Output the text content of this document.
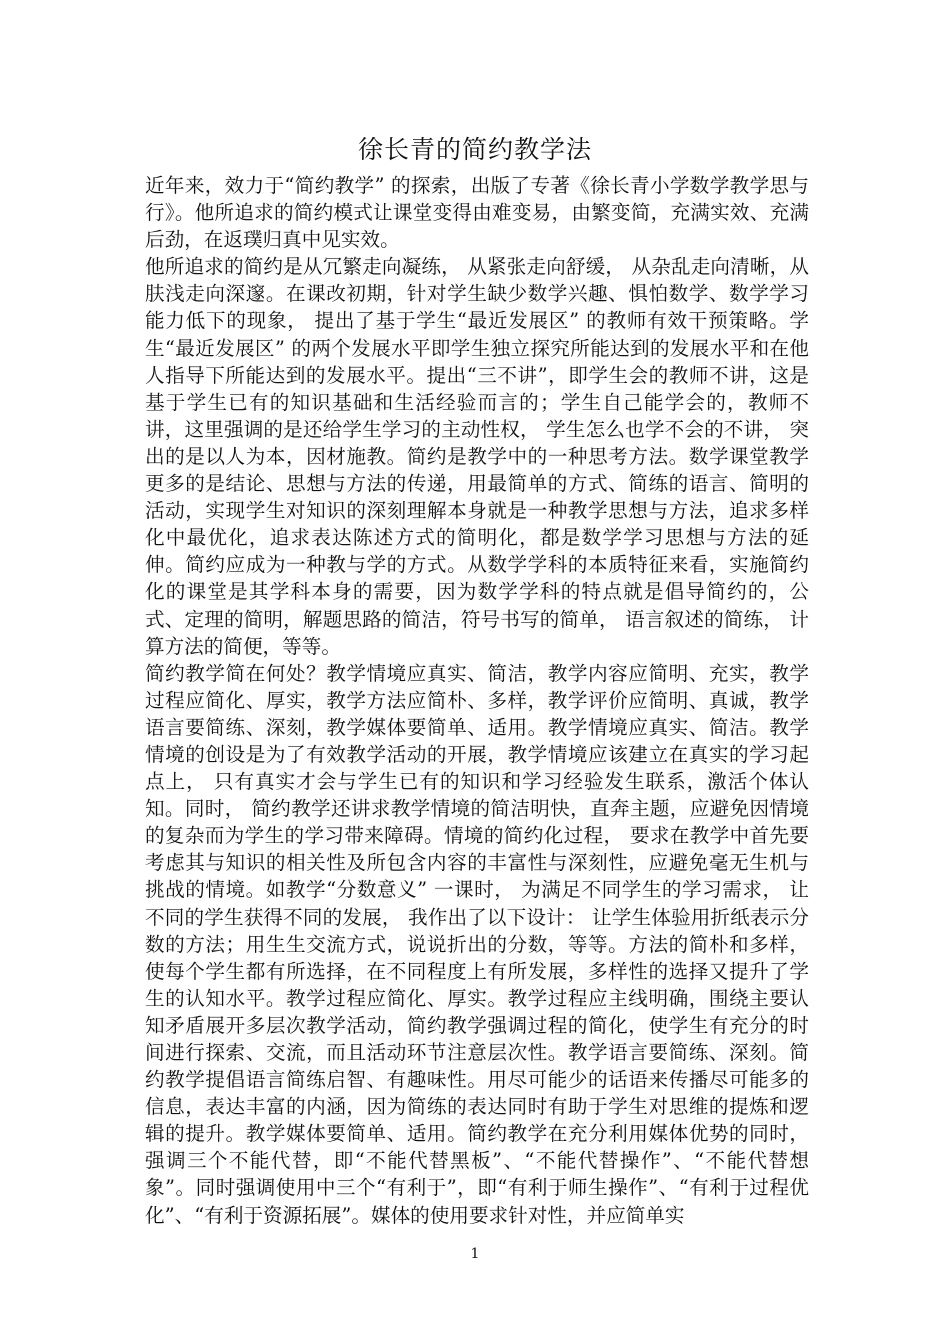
徐长青的简约教学法

近年来，效力于“简约教学” 的探索，出版了专著《徐长青小学数学教学思与行》。他所追求的简约模式让课堂变得由难变易，由繁变简，充满实效、充满后劲，在返璞归真中见实效。

他所追求的简约是从冗繁走向凝练， 从紧张走向舒缓， 从杂乱走向清晰，从肤浅走向深邃。在课改初期，针对学生缺少数学兴趣、惧怕数学、数学学习能力低下的现象， 提出了基于学生“最近发展区” 的教师有效干预策略。学生“最近发展区” 的两个发展水平即学生独立探究所能达到的发展水平和在他人指导下所能达到的发展水平。提出“三不讲”，即学生会的教师不讲，这是基于学生已有的知识基础和生活经验而言的；学生自己能学会的，教师不讲，这里强调的是还给学生学习的主动性权， 学生怎么也学不会的不讲， 突出的是以人为本，因材施教。简约是教学中的一种思考方法。数学课堂教学更多的是结论、思想与方法的传递，用最简单的方式、简练的语言、简明的活动，实现学生对知识的深刻理解本身就是一种教学思想与方法，追求多样化中最优化，追求表达陈述方式的简明化，都是数学学习思想与方法的延伸。简约应成为一种教与学的方式。从数学学科的本质特征来看，实施简约化的课堂是其学科本身的需要，因为数学学科的特点就是倡导简约的，公式、定理的简明，解题思路的简洁，符号书写的简单， 语言叙述的简练， 计算方法的简便，等等。

简约教学简在何处？教学情境应真实、简洁，教学内容应简明、充实，教学过程应简化、厚实，教学方法应简朴、多样，教学评价应简明、真诚，教学语言要简练、深刻，教学媒体要简单、适用。教学情境应真实、简洁。教学情境的创设是为了有效教学活动的开展，教学情境应该建立在真实的学习起点上， 只有真实才会与学生已有的知识和学习经验发生联系，激活个体认知。同时， 简约教学还讲求教学情境的简洁明快，直奔主题，应避免因情境的复杂而为学生的学习带来障碍。情境的简约化过程， 要求在教学中首先要考虑其与知识的相关性及所包含内容的丰富性与深刻性，应避免毫无生机与挑战的情境。如教学“分数意义” 一课时， 为满足不同学生的学习需求， 让不同的学生获得不同的发展， 我作出了以下设计： 让学生体验用折纸表示分数的方法；用生生交流方式，说说折出的分数，等等。方法的简朴和多样，使每个学生都有所选择，在不同程度上有所发展，多样性的选择又提升了学生的认知水平。教学过程应简化、厚实。教学过程应主线明确，围绕主要认知矛盾展开多层次教学活动，简约教学强调过程的简化，使学生有充分的时间进行探索、交流，而且活动环节注意层次性。教学语言要简练、深刻。简约教学提倡语言简练启智、有趣味性。用尽可能少的话语来传播尽可能多的信息，表达丰富的内涵，因为简练的表达同时有助于学生对思维的提炼和逻辑的提升。教学媒体要简单、适用。简约教学在充分利用媒体优势的同时，强调三个不能代替，即“不能代替黑板”、“不能代替操作”、“不能代替想象”。同时强调使用中三个“有利于”，即“有利于师生操作”、“有利于过程优化”、“有利于资源拓展”。媒体的使用要求针对性，并应简单实

1
